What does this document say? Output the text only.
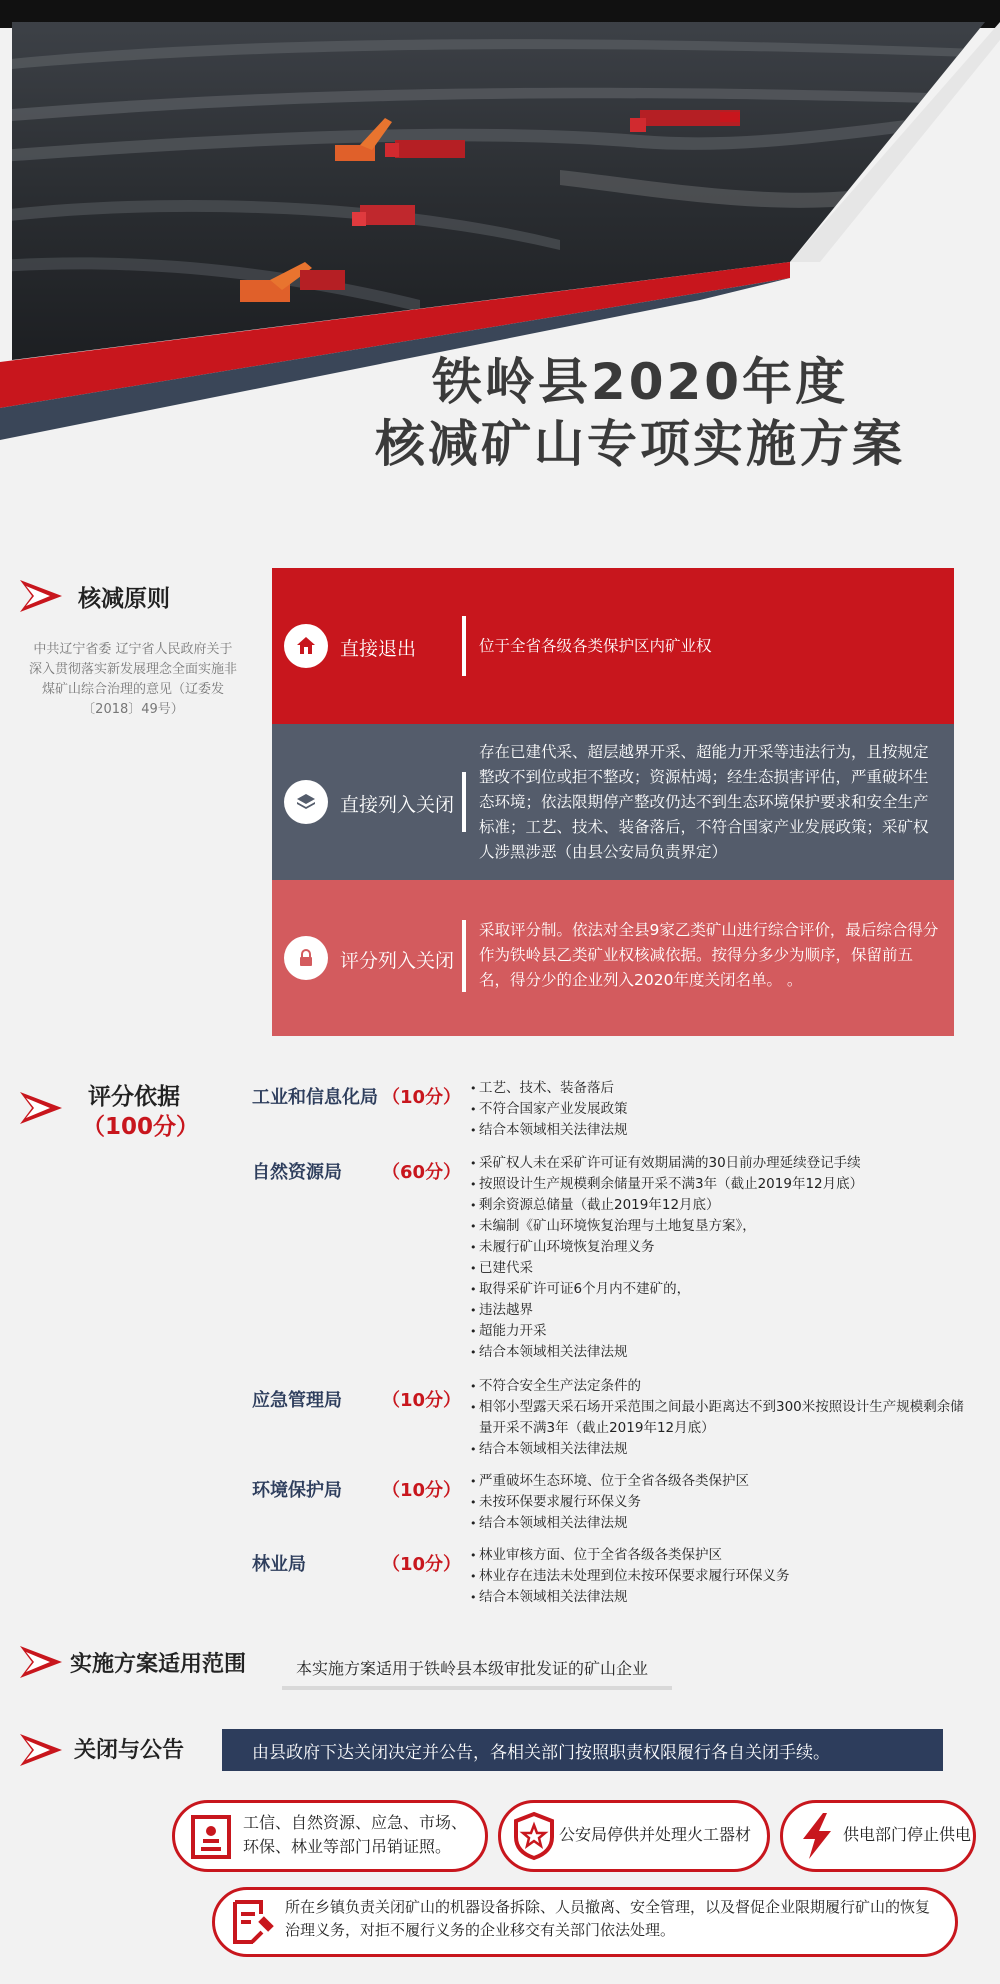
铁岭县2020年度
核减矿山专项实施方案
核减原则
中共辽宁省委 辽宁省人民政府关于深入贯彻落实新发展理念全面实施非煤矿山综合治理的意见（辽委发〔2018〕49号）
直接退出	位于全省各级各类保护区内矿业权
直接列入关闭
存在已建代采、超层越界开采、超能力开采等违法行为，且按规定整改不到位或拒不整改；资源枯竭；经生态损害评估，严重破坏生态环境；依法限期停产整改仍达不到生态环境保护要求和安全生产标准；工艺、技术、装备落后，不符合国家产业发展政策；采矿权人涉黑涉恶（由县公安局负责界定）
评分列入关闭
采取评分制。依法对全县9家乙类矿山进行综合评价，最后综合得分作为铁岭县乙类矿业权核减依据。按得分多少为顺序，保留前五名，得分少的企业列入2020年度关闭名单。 。
评分依据
（100分）
工业和信息化局 （10分）	• 工艺、技术、装备落后
• 不符合国家产业发展政策
• 结合本领域相关法律法规
自然资源局 （60分）	• 采矿权人未在采矿许可证有效期届满的30日前办理延续登记手续
• 按照设计生产规模剩余储量开采不满3年（截止2019年12月底）
• 剩余资源总储量（截止2019年12月底）
• 未编制《矿山环境恢复治理与土地复垦方案》，
• 未履行矿山环境恢复治理义务
• 已建代采
• 取得采矿许可证6个月内不建矿的，
• 违法越界
• 超能力开采
• 结合本领域相关法律法规
应急管理局 （10分）
• 不符合安全生产法定条件的
• 相邻小型露天采石场开采范围之间最小距离达不到300米按照设计生产规模剩余储量开采不满3年（截止2019年12月底）
• 结合本领域相关法律法规
环境保护局 （10分）	• 严重破坏生态环境、位于全省各级各类保护区
• 未按环保要求履行环保义务
• 结合本领域相关法律法规
林业局	（10分）	• 林业审核方面、位于全省各级各类保护区
• 林业存在违法未处理到位未按环保要求履行环保义务
• 结合本领域相关法律法规
实施方案适用范围	本实施方案适用于铁岭县本级审批发证的矿山企业
关闭与公告	由县政府下达关闭决定并公告，各相关部门按照职责权限履行各自关闭手续。
工信、自然资源、应急、市场、环保、林业等部门吊销证照。
公安局停供并处理火工器材	供电部门停止供电
所在乡镇负责关闭矿山的机器设备拆除、人员撤离、安全管理，以及督促企业限期履行矿山的恢复治理义务，对拒不履行义务的企业移交有关部门依法处理。
